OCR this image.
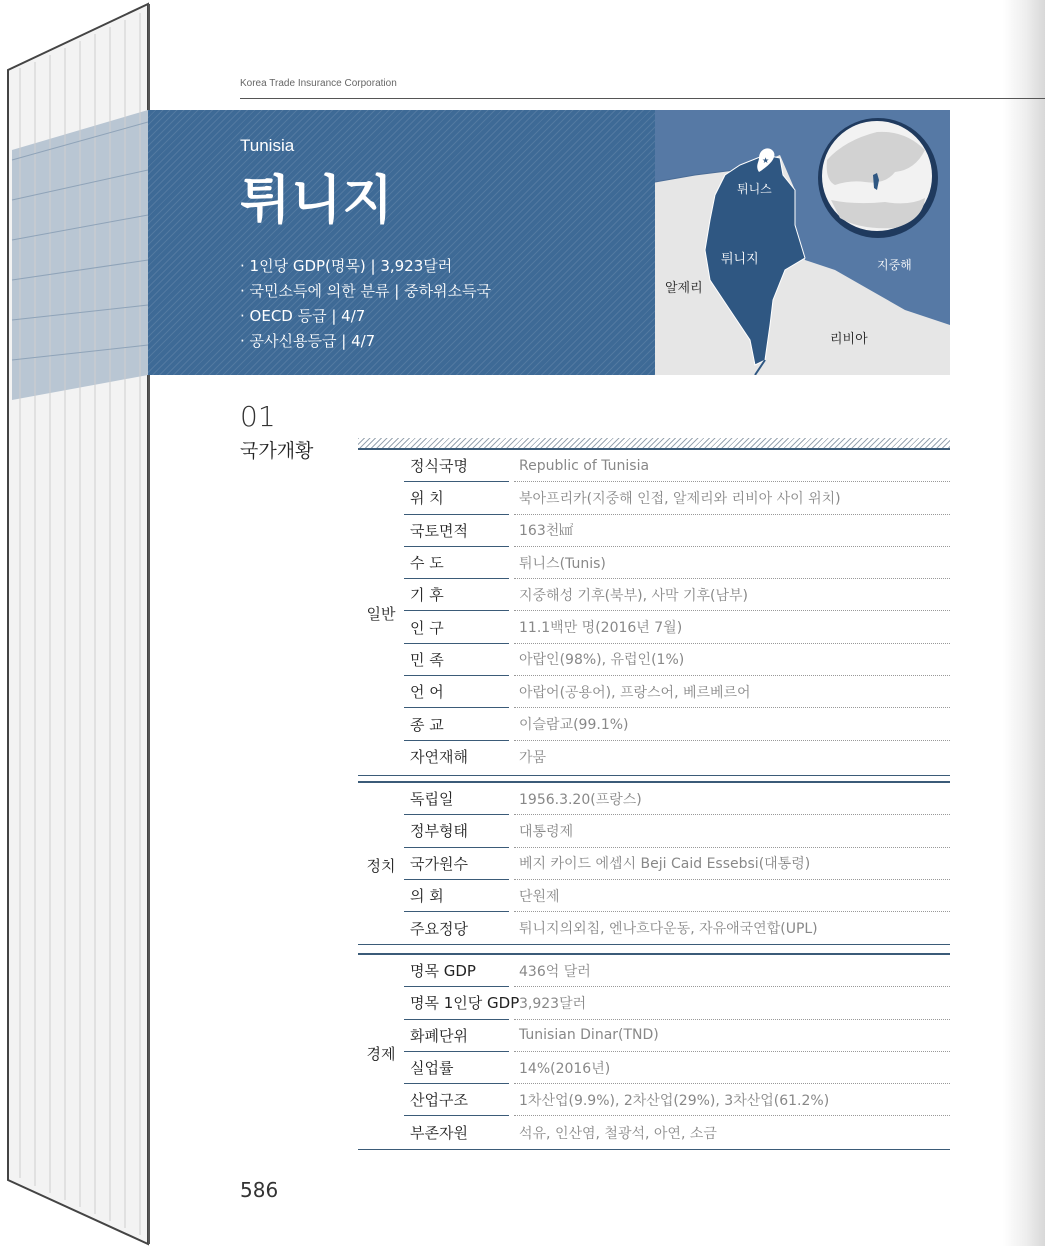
Korea Trade Insurance Corporation
Tunisia
튀니지
· 1인당 GDP(명목) | 3,923달러
· 국민소득에 의한 분류 | 중하위소득국
· OECD 등급 | 4/7
· 공사신용등급 | 4/7
★
튀니스
튀니지	지중해
알제리
리비아
01
국가개황
일반
정식국명	Republic of Tunisia
위 치	북아프리카(지중해 인접, 알제리와 리비아 사이 위치)
국토면적	163천㎢
수 도	튀니스(Tunis)
기 후	지중해성 기후(북부), 사막 기후(남부)
인 구	11.1백만 명(2016년 7월)
민 족	아랍인(98%), 유럽인(1%)
언 어	아랍어(공용어), 프랑스어, 베르베르어
종 교	이슬람교(99.1%)
자연재해	가뭄
정치
독립일	1956.3.20(프랑스)
정부형태	대통령제
국가원수	베지 카이드 에셉시 Beji Caid Essebsi(대통령)
의 회	단원제
주요정당	튀니지의외침, 엔나흐다운동, 자유애국연합(UPL)
경제
명목 GDP	436억 달러
명목 1인당 GDP 3,923달러
화폐단위	Tunisian Dinar(TND)
실업률	14%(2016년)
산업구조	1차산업(9.9%), 2차산업(29%), 3차산업(61.2%)
부존자원	석유, 인산염, 철광석, 아연, 소금
586
